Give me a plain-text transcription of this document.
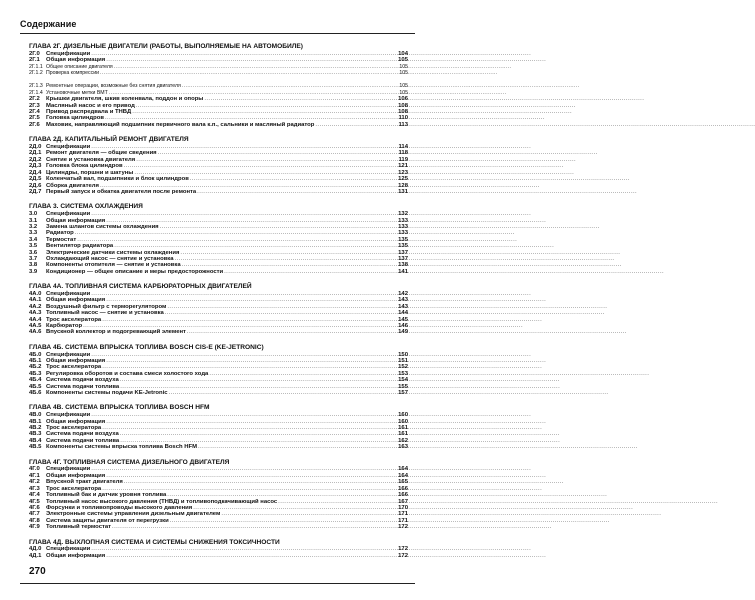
Содержание
ГЛАВА 2Г. ДИЗЕЛЬНЫЕ ДВИГАТЕЛИ (РАБОТЫ, ВЫПОЛНЯЕМЫЕ НА АВТОМОБИЛЕ)
2Г.0	Спецификации .....	104
2Г.1	Общая информация .....	105
2Г.1.1 Общее описание двигателя .....	105
2Г.1.2 Проверка компрессии .....	105
2Г.1.3 Ремонтные операции, возможные без снятия двигателя .....	105
2Г.1.4 Установочные метки ВМТ .....	105
2Г.2	Крышки двигателя, шкив коленвала, поддон и опоры .....	106
2Г.3	Масляный насос и его привод .....	108
2Г.4	Привод распредвала и ТНВД .....	108
2Г.5	Головка цилиндров .....	110
2Г.6	Маховик, направляющий подшипник первичного вала к.п., сальники и масляный радиатор .....	113
ГЛАВА 2Д. КАПИТАЛЬНЫЙ РЕМОНТ ДВИГАТЕЛЯ
2Д.0 Спецификации .....	114
2Д.1 Ремонт двигателя — общие сведения .....	118
2Д.2 Снятие и установка двигателя .....	119
2Д.3 Головка блока цилиндров .....	121
2Д.4 Цилиндры, поршни и шатуны .....	123
2Д.5 Коленчатый вал, подшипники и блок цилиндров .....	125
2Д.6 Сборка двигателя .....	128
2Д.7 Первый запуск и обкатка двигателя после ремонта .....	131
ГЛАВА 3. СИСТЕМА ОХЛАЖДЕНИЯ
3.0	Спецификации .....	132
3.1	Общая информация .....	133
3.2	Замена шлангов системы охлаждения .....	133
3.3	Радиатор .....	133
3.4	Термостат .....	135
3.5	Вентилятор радиатора .....	135
3.6	Электрические датчики системы охлаждения .....	137
3.7	Охлаждающий насос — снятие и установка .....	137
3.8	Компоненты отопителя — снятие и установка .....	138
3.9	Кондиционер — общее описание и меры предосторожности .....	141
ГЛАВА 4А. ТОПЛИВНАЯ СИСТЕМА КАРБЮРАТОРНЫХ ДВИГАТЕЛЕЙ
4А.0 Спецификации .....	142
4А.1 Общая информация .....	143
4А.2 Воздушный фильтр с терморегулятором .....	143
4А.3 Топливный насос — снятие и установка .....	144
4А.4 Трос акселератора .....	145
4А.5 Карбюратор .....	146
4А.6 Впускной коллектор и подогревающий элемент .....	149
ГЛАВА 4Б. СИСТЕМА ВПРЫСКА ТОПЛИВА BOSCH CIS-E (KE-JETRONIC)
4Б.0 Спецификации .....	150
4Б.1 Общая информация .....	151
4Б.2 Трос акселератора .....	152
4Б.3 Регулировка оборотов и состава смеси холостого хода .....	153
4Б.4 Система подачи воздуха .....	154
4Б.5 Система подачи топлива .....	155
4Б.6 Компоненты системы подачи KE-Jetronic .....	157
ГЛАВА 4В. СИСТЕМА ВПРЫСКА ТОПЛИВА BOSCH HFM
4В.0 Спецификации .....	160
4В.1 Общая информация .....	160
4В.2 Трос акселератора .....	161
4В.3 Система подачи воздуха .....	161
4В.4 Система подачи топлива .....	162
4В.5 Компоненты системы впрыска топлива Bosch HFM .....	163
ГЛАВА 4Г. ТОПЛИВНАЯ СИСТЕМА ДИЗЕЛЬНОГО ДВИГАТЕЛЯ
4Г.0	Спецификации .....	164
4Г.1	Общая информация .....	164
4Г.2	Впускной тракт двигателя .....	165
4Г.3	Трос акселератора .....	166
4Г.4	Топливный бак и датчик уровня топлива .....	166
4Г.5	Топливный насос высокого давления (ТНВД) и топливоподкачивающий насос .....	167
4Г.6	Форсунки и топливопроводы высокого давления .....	170
4Г.7	Электронные системы управления дизельным двигателем .....	171
4Г.8	Система защиты двигателя от перегрузки .....	171
4Г.9	Топливный термостат .....	172
ГЛАВА 4Д. ВЫХЛОПНАЯ СИСТЕМА И СИСТЕМЫ СНИЖЕНИЯ ТОКСИЧНОСТИ
4Д.0 Спецификации .....	172
4Д.1 Общая информация .....	172
270
